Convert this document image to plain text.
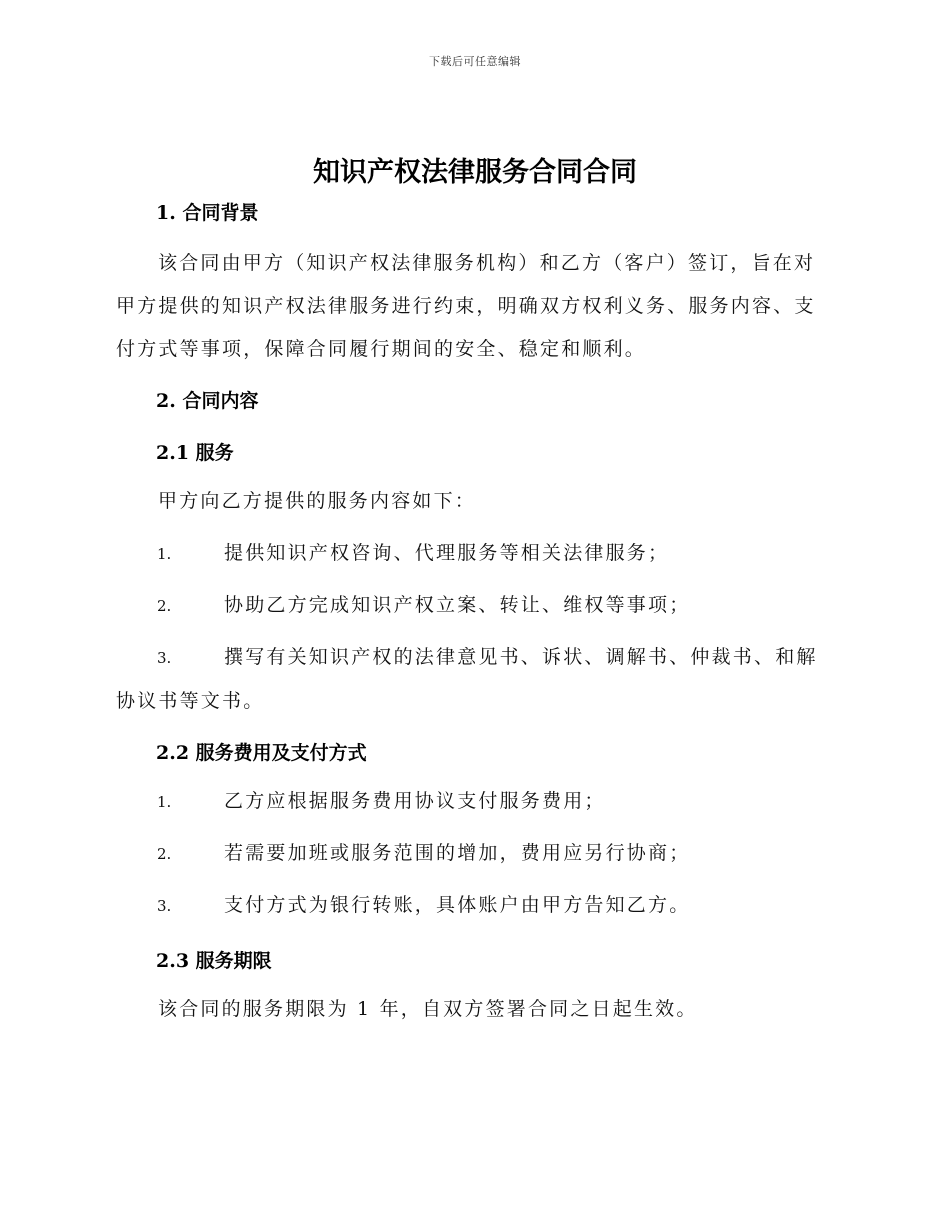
下载后可任意编辑
知识产权法律服务合同合同
1. 合同背景
该合同由甲方（知识产权法律服务机构）和乙方（客户）签订，旨在对甲方提供的知识产权法律服务进行约束，明确双方权利义务、服务内容、支付方式等事项，保障合同履行期间的安全、稳定和顺利。
2. 合同内容
2.1 服务
甲方向乙方提供的服务内容如下：
1.	提供知识产权咨询、代理服务等相关法律服务；
2.	协助乙方完成知识产权立案、转让、维权等事项；
3.	撰写有关知识产权的法律意见书、诉状、调解书、仲裁书、和解协议书等文书。
2.2 服务费用及支付方式
1.	乙方应根据服务费用协议支付服务费用；
2.	若需要加班或服务范围的增加，费用应另行协商；
3.	支付方式为银行转账，具体账户由甲方告知乙方。
2.3 服务期限
该合同的服务期限为 1 年，自双方签署合同之日起生效。
